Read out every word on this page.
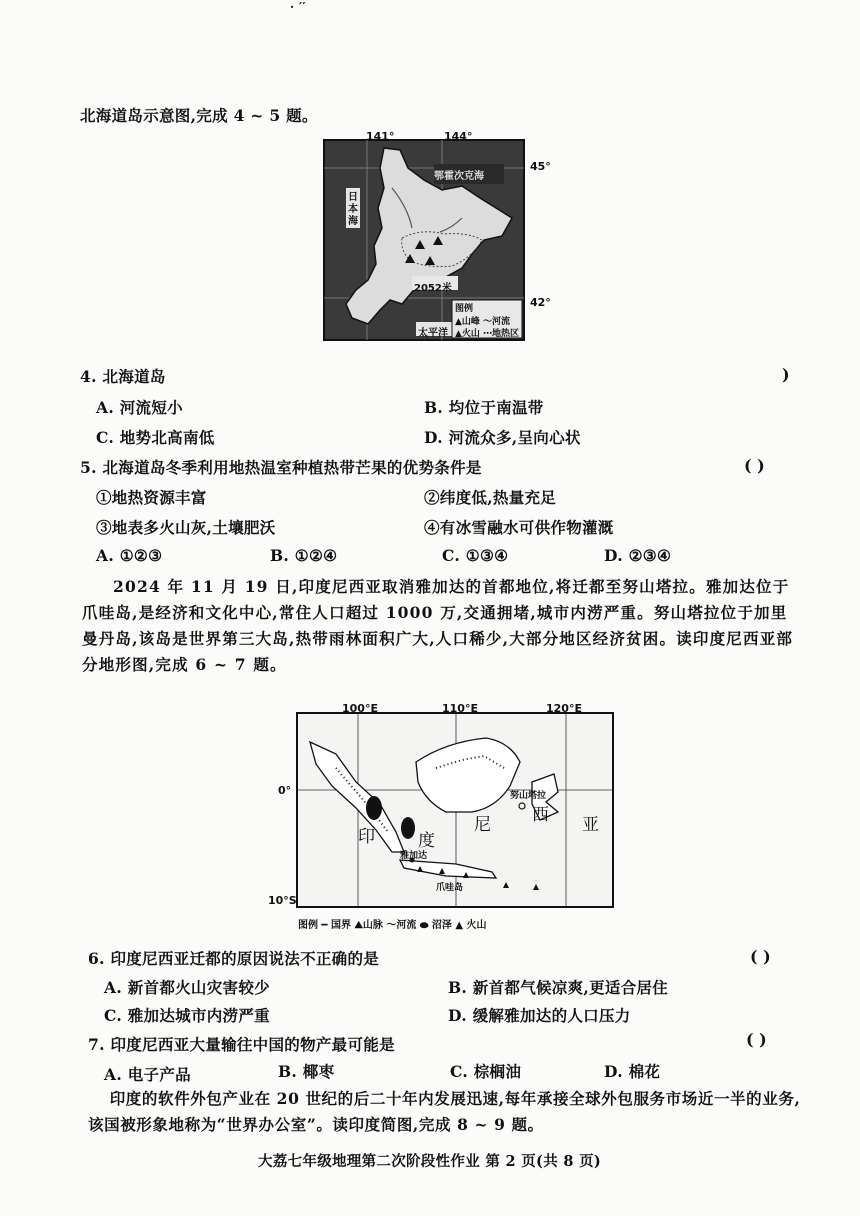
· ′′
北海道岛示意图,完成 4 ~ 5 题。
141°	144°
45°
42°
鄂霍次克海
日本海
太平洋
2052米
图例
▲山峰 ～河流
▲火山 ⋯地热区
4. 北海道岛	)
A. 河流短小	B. 均位于南温带
C. 地势北高南低	D. 河流众多,呈向心状
5. 北海道岛冬季利用地热温室种植热带芒果的优势条件是	( )
①地热资源丰富	②纬度低,热量充足
③地表多火山灰,土壤肥沃	④有冰雪融水可供作物灌溉
A. ①②③	B. ①②④	C. ①③④	D. ②③④
2024 年 11 月 19 日,印度尼西亚取消雅加达的首都地位,将迁都至努山塔拉。雅加达位于爪哇岛,是经济和文化中心,常住人口超过 1000 万,交通拥堵,城市内涝严重。努山塔拉位于加里曼丹岛,该岛是世界第三大岛,热带雨林面积广大,人口稀少,大部分地区经济贫困。读印度尼西亚部分地形图,完成 6 ~ 7 题。
100°E	110°E	120°E
0°
10°S
印	度
尼 西 亚
努山塔拉
雅加达
爪哇岛
图例 ━ 国界 ⛰山脉 ～河流 ⬬ 沼泽 ▲ 火山
6. 印度尼西亚迁都的原因说法不正确的是	( )
A. 新首都火山灾害较少	B. 新首都气候凉爽,更适合居住
C. 雅加达城市内涝严重	D. 缓解雅加达的人口压力
7. 印度尼西亚大量输往中国的物产最可能是	( )
A. 电子产品	B. 椰枣	C. 棕榈油	D. 棉花
印度的软件外包产业在 20 世纪的后二十年内发展迅速,每年承接全球外包服务市场近一半的业务,该国被形象地称为“世界办公室”。读印度简图,完成 8 ~ 9 题。
大荔七年级地理第二次阶段性作业 第 2 页(共 8 页)
